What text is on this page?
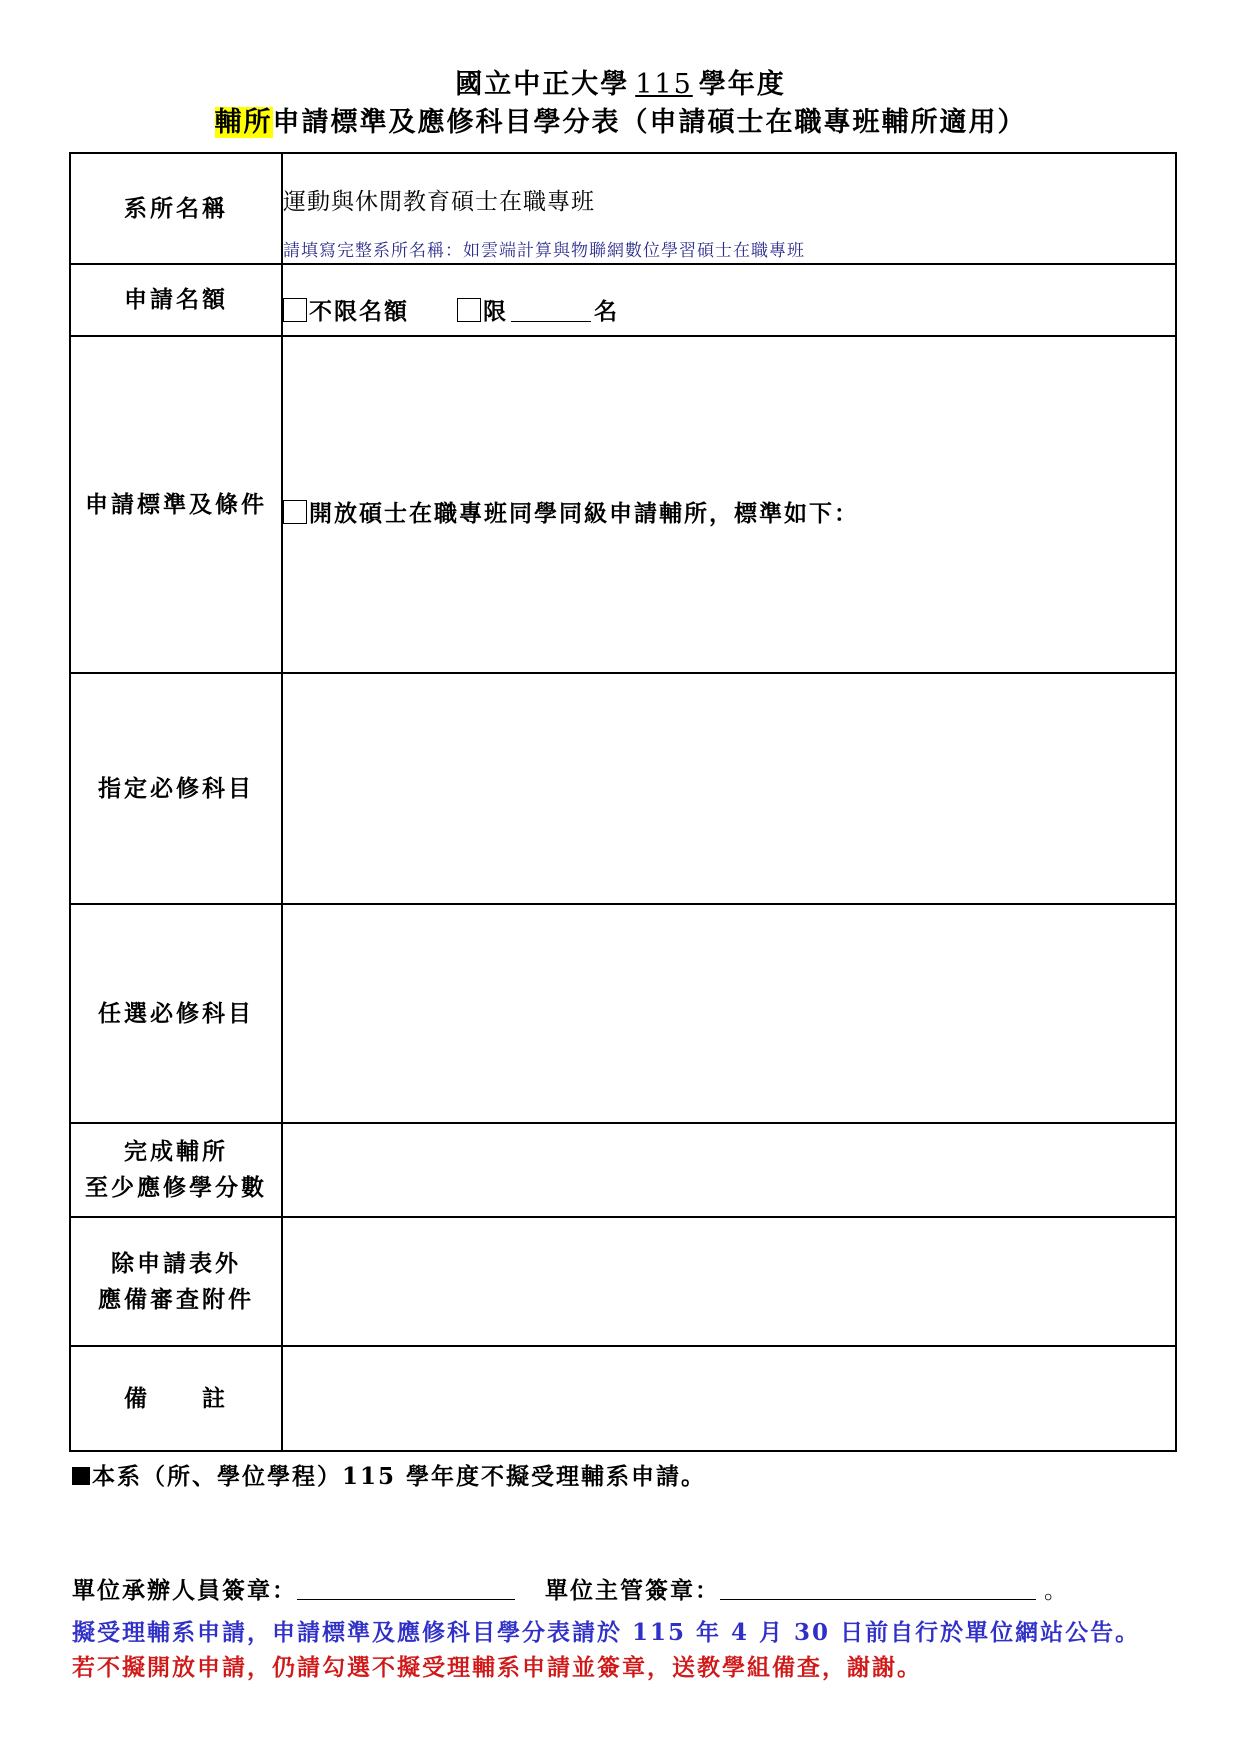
國立中正大學 115 學年度
輔所申請標準及應修科目學分表（申請碩士在職專班輔所適用）
系所名稱	運動與休閒教育碩士在職專班
請填寫完整系所名稱：如雲端計算與物聯網數位學習碩士在職專班

申請名額	不限名額 限 名

申請標準及條件	開放碩士在職專班同學同級申請輔所，標準如下：

指定必修科目	
任選必修科目	

完成輔所
至少應修學分數	

除申請表外
應備審查附件	

備　　註	
本系（所、學位學程）115 學年度不擬受理輔系申請。
單位承辦人員簽章：	單位主管簽章：	。
擬受理輔系申請，申請標準及應修科目學分表請於 115 年 4 月 30 日前自行於單位網站公告。
若不擬開放申請，仍請勾選不擬受理輔系申請並簽章，送教學組備查，謝謝。
